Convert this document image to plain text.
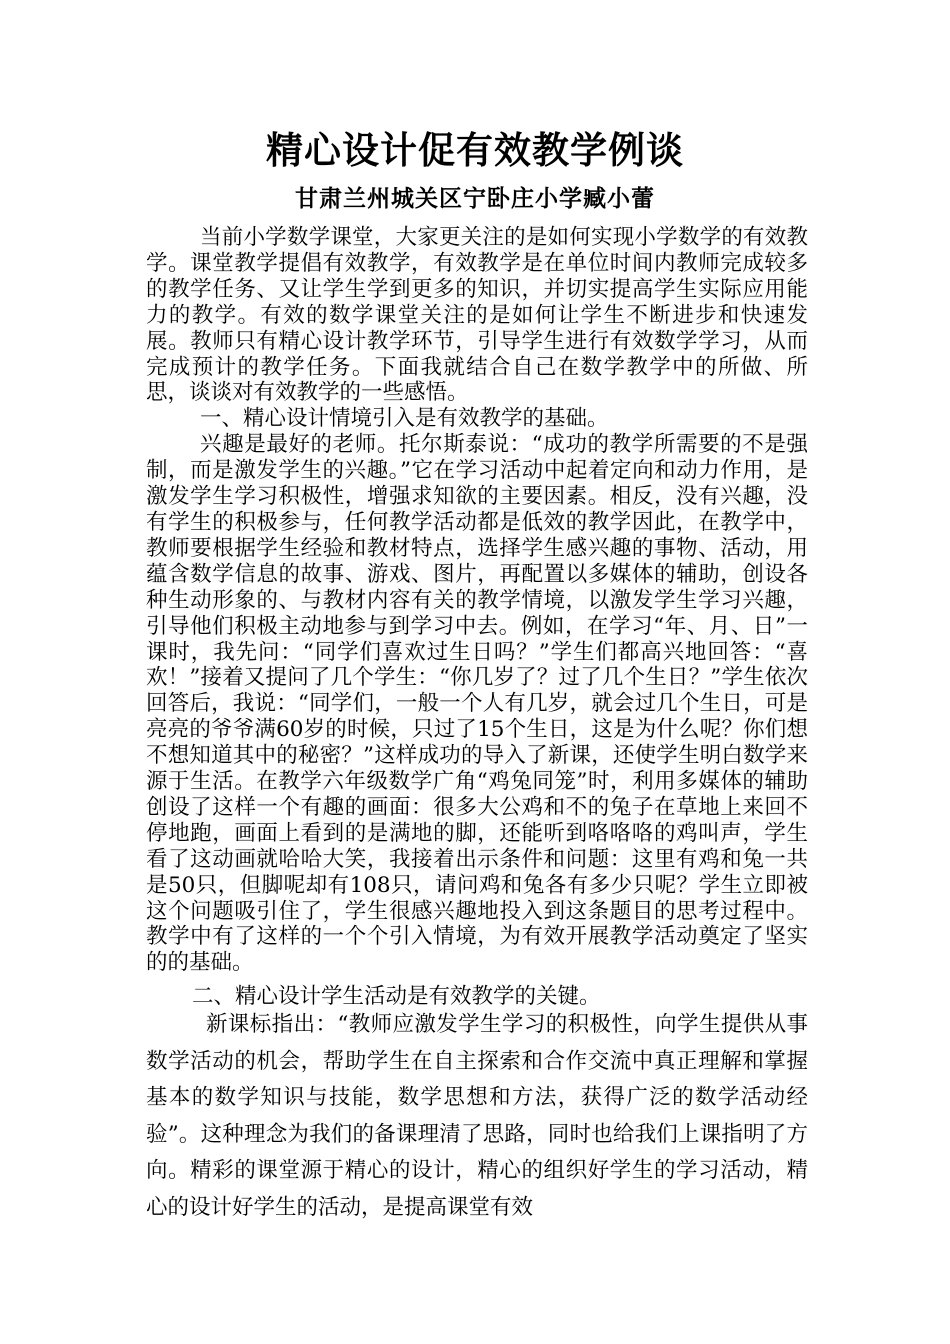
精心设计促有效教学例谈
甘肃兰州城关区宁卧庄小学臧小蕾

当前小学数学课堂，大家更关注的是如何实现小学数学的有效教学。课堂教学提倡有效教学，有效教学是在单位时间内教师完成较多的教学任务、又让学生学到更多的知识，并切实提高学生实际应用能力的教学。有效的数学课堂关注的是如何让学生不断进步和快速发展。教师只有精心设计教学环节，引导学生进行有效数学学习，从而完成预计的教学任务。下面我就结合自己在数学教学中的所做、所思，谈谈对有效教学的一些感悟。

一、精心设计情境引入是有效教学的基础。

兴趣是最好的老师。托尔斯泰说：“成功的教学所需要的不是强制，而是激发学生的兴趣。”它在学习活动中起着定向和动力作用，是激发学生学习积极性，增强求知欲的主要因素。相反，没有兴趣，没有学生的积极参与，任何教学活动都是低效的教学因此，在教学中，教师要根据学生经验和教材特点，选择学生感兴趣的事物、活动，用蕴含数学信息的故事、游戏、图片，再配置以多媒体的辅助，创设各种生动形象的、与教材内容有关的教学情境，以激发学生学习兴趣，引导他们积极主动地参与到学习中去。例如，在学习“年、月、日”一课时，我先问：“同学们喜欢过生日吗？”学生们都高兴地回答：“喜欢！”接着又提问了几个学生：“你几岁了？过了几个生日？”学生依次回答后，我说：“同学们，一般一个人有几岁，就会过几个生日，可是亮亮的爷爷满60岁的时候，只过了15个生日，这是为什么呢？你们想不想知道其中的秘密？”这样成功的导入了新课，还使学生明白数学来源于生活。在教学六年级数学广角“鸡兔同笼”时，利用多媒体的辅助创设了这样一个有趣的画面：很多大公鸡和不的兔子在草地上来回不停地跑，画面上看到的是满地的脚，还能听到咯咯咯的鸡叫声，学生看了这动画就哈哈大笑，我接着出示条件和问题：这里有鸡和兔一共是50只，但脚呢却有108只，请问鸡和兔各有多少只呢？学生立即被这个问题吸引住了，学生很感兴趣地投入到这条题目的思考过程中。教学中有了这样的一个个引入情境，为有效开展教学活动奠定了坚实的的基础。

二、精心设计学生活动是有效教学的关键。

新课标指出：“教师应激发学生学习的积极性，向学生提供从事数学活动的机会，帮助学生在自主探索和合作交流中真正理解和掌握基本的数学知识与技能，数学思想和方法，获得广泛的数学活动经验”。这种理念为我们的备课理清了思路，同时也给我们上课指明了方向。精彩的课堂源于精心的设计，精心的组织好学生的学习活动，精心的设计好学生的活动，是提高课堂有效
